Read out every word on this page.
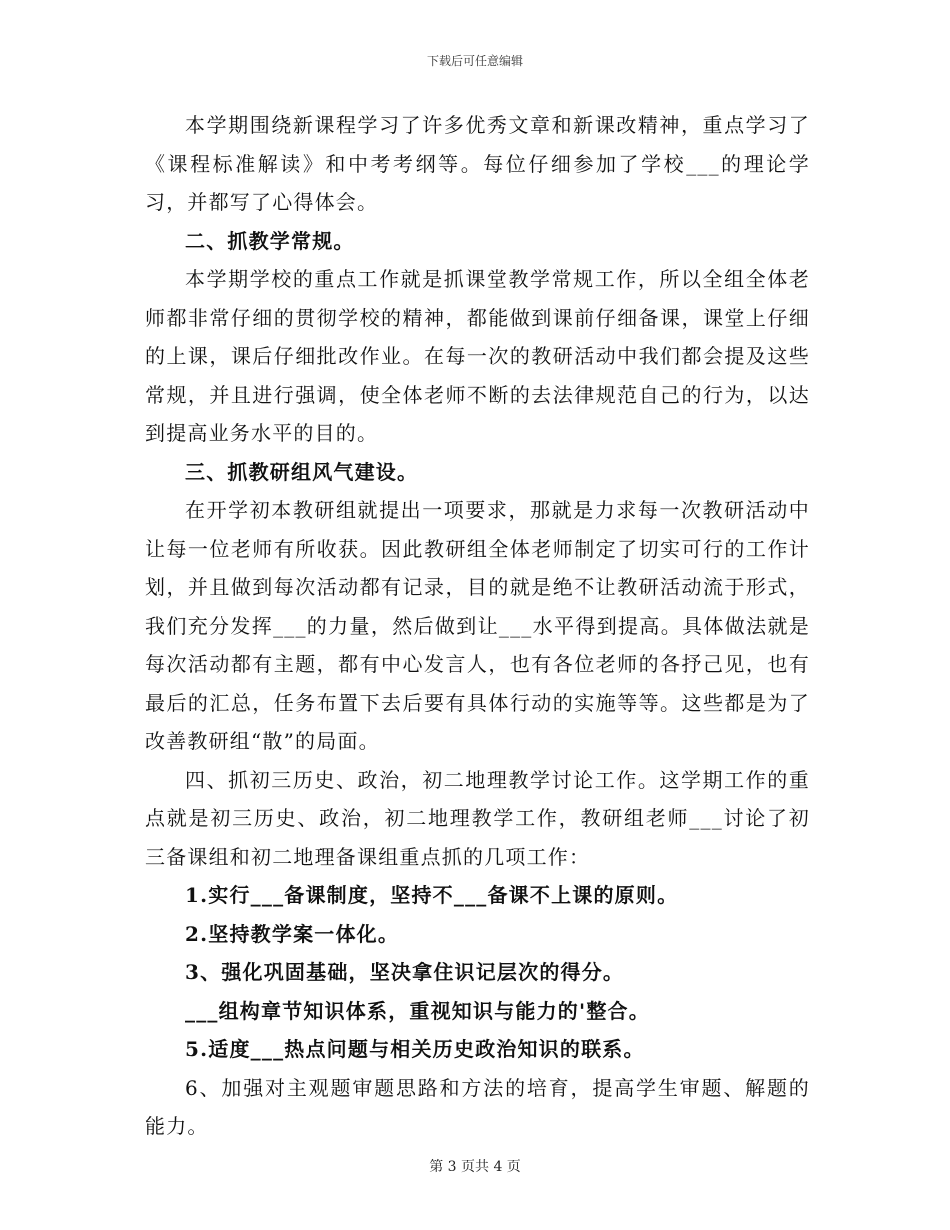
下载后可任意编辑

本学期围绕新课程学习了许多优秀文章和新课改精神，重点学习了《课程标准解读》和中考考纲等。每位仔细参加了学校___的理论学习，并都写了心得体会。

二、抓教学常规。

本学期学校的重点工作就是抓课堂教学常规工作，所以全组全体老师都非常仔细的贯彻学校的精神，都能做到课前仔细备课，课堂上仔细的上课，课后仔细批改作业。在每一次的教研活动中我们都会提及这些常规，并且进行强调，使全体老师不断的去法律规范自己的行为，以达到提高业务水平的目的。

三、抓教研组风气建设。

在开学初本教研组就提出一项要求，那就是力求每一次教研活动中让每一位老师有所收获。因此教研组全体老师制定了切实可行的工作计划，并且做到每次活动都有记录，目的就是绝不让教研活动流于形式，我们充分发挥___的力量，然后做到让___水平得到提高。具体做法就是每次活动都有主题，都有中心发言人，也有各位老师的各抒己见，也有最后的汇总，任务布置下去后要有具体行动的实施等等。这些都是为了改善教研组“散”的局面。

四、抓初三历史、政治，初二地理教学讨论工作。这学期工作的重点就是初三历史、政治，初二地理教学工作，教研组老师___讨论了初三备课组和初二地理备课组重点抓的几项工作：

1.实行___备课制度，坚持不___备课不上课的原则。

2.坚持教学案一体化。

3、强化巩固基础，坚决拿住识记层次的得分。

___组构章节知识体系，重视知识与能力的'整合。

5.适度___热点问题与相关历史政治知识的联系。

6、加强对主观题审题思路和方法的培育，提高学生审题、解题的能力。

第 3 页共 4 页
